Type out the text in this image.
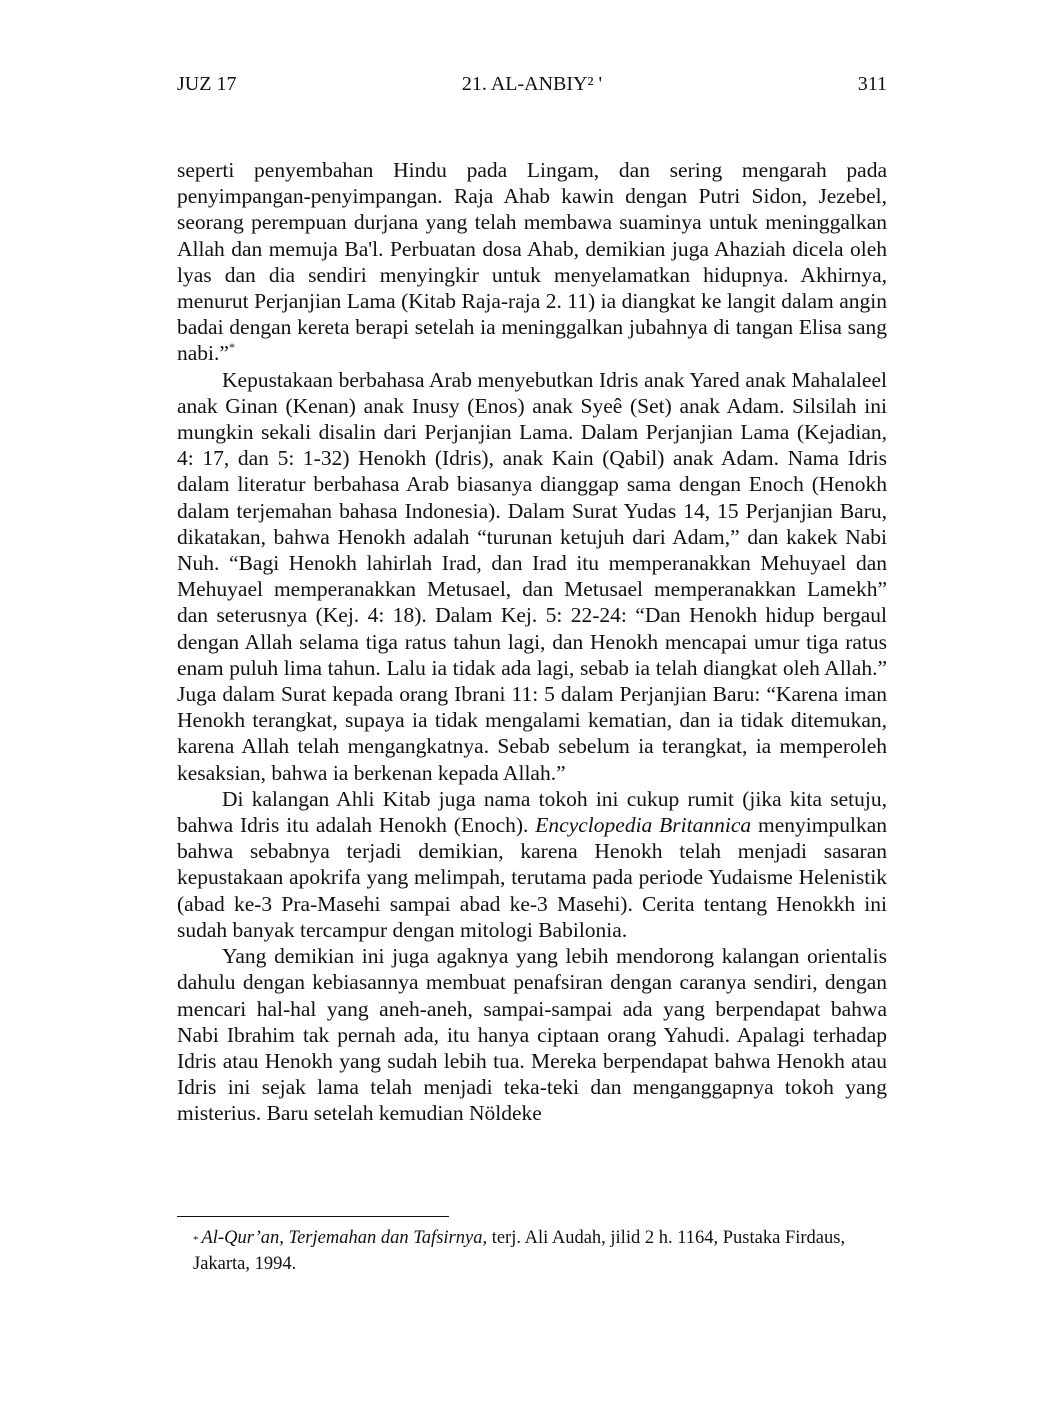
JUZ 17	21. AL-ANBIY² '	311

seperti penyembahan Hindu pada Lingam, dan sering mengarah pada penyimpangan-penyimpangan. Raja Ahab kawin dengan Putri Sidon, Jezebel, seorang perempuan durjana yang telah membawa suaminya untuk meninggalkan Allah dan memuja Ba'l. Perbuatan dosa Ahab, demikian juga Ahaziah dicela oleh lyas dan dia sendiri menyingkir untuk menyelamatkan hidupnya. Akhirnya, menurut Perjanjian Lama (Kitab Raja-raja 2. 11) ia diangkat ke langit dalam angin badai dengan kereta berapi setelah ia meninggalkan jubahnya di tangan Elisa sang nabi.”*

Kepustakaan berbahasa Arab menyebutkan Idris anak Yared anak Mahalaleel anak Ginan (Kenan) anak Inusy (Enos) anak Syeê (Set) anak Adam. Silsilah ini mungkin sekali disalin dari Perjanjian Lama. Dalam Perjanjian Lama (Kejadian, 4: 17, dan 5: 1-32) Henokh (Idris), anak Kain (Qabil) anak Adam. Nama Idris dalam literatur berbahasa Arab biasanya dianggap sama dengan Enoch (Henokh dalam terjemahan bahasa Indonesia). Dalam Surat Yudas 14, 15 Perjanjian Baru, dikatakan, bahwa Henokh adalah “turunan ketujuh dari Adam,” dan kakek Nabi Nuh. “Bagi Henokh lahirlah Irad, dan Irad itu memperanakkan Mehuyael dan Mehuyael memperanakkan Metusael, dan Metusael memperanakkan Lamekh” dan seterusnya (Kej. 4: 18). Dalam Kej. 5: 22-24: “Dan Henokh hidup bergaul dengan Allah selama tiga ratus tahun lagi, dan Henokh mencapai umur tiga ratus enam puluh lima tahun. Lalu ia tidak ada lagi, sebab ia telah diangkat oleh Allah.” Juga dalam Surat kepada orang Ibrani 11: 5 dalam Perjanjian Baru: “Karena iman Henokh terangkat, supaya ia tidak mengalami kematian, dan ia tidak ditemukan, karena Allah telah mengangkatnya. Sebab sebelum ia terangkat, ia memperoleh kesaksian, bahwa ia berkenan kepada Allah.”

Di kalangan Ahli Kitab juga nama tokoh ini cukup rumit (jika kita setuju, bahwa Idris itu adalah Henokh (Enoch). Encyclopedia Britannica menyimpulkan bahwa sebabnya terjadi demikian, karena Henokh telah menjadi sasaran kepustakaan apokrifa yang melimpah, terutama pada periode Yudaisme Helenistik (abad ke-3 Pra-Masehi sampai abad ke-3 Masehi). Cerita tentang Henokkh ini sudah banyak tercampur dengan mitologi Babilonia.

Yang demikian ini juga agaknya yang lebih mendorong kalangan orientalis dahulu dengan kebiasannya membuat penafsiran dengan caranya sendiri, dengan mencari hal-hal yang aneh-aneh, sampai-sampai ada yang berpendapat bahwa Nabi Ibrahim tak pernah ada, itu hanya ciptaan orang Yahudi. Apalagi terhadap Idris atau Henokh yang sudah lebih tua. Mereka berpendapat bahwa Henokh atau Idris ini sejak lama telah menjadi teka-teki dan menganggapnya tokoh yang misterius. Baru setelah kemudian Nöldeke

* Al-Qur’an, Terjemahan dan Tafsirnya, terj. Ali Audah, jilid 2 h. 1164, Pustaka Firdaus, Jakarta, 1994.
